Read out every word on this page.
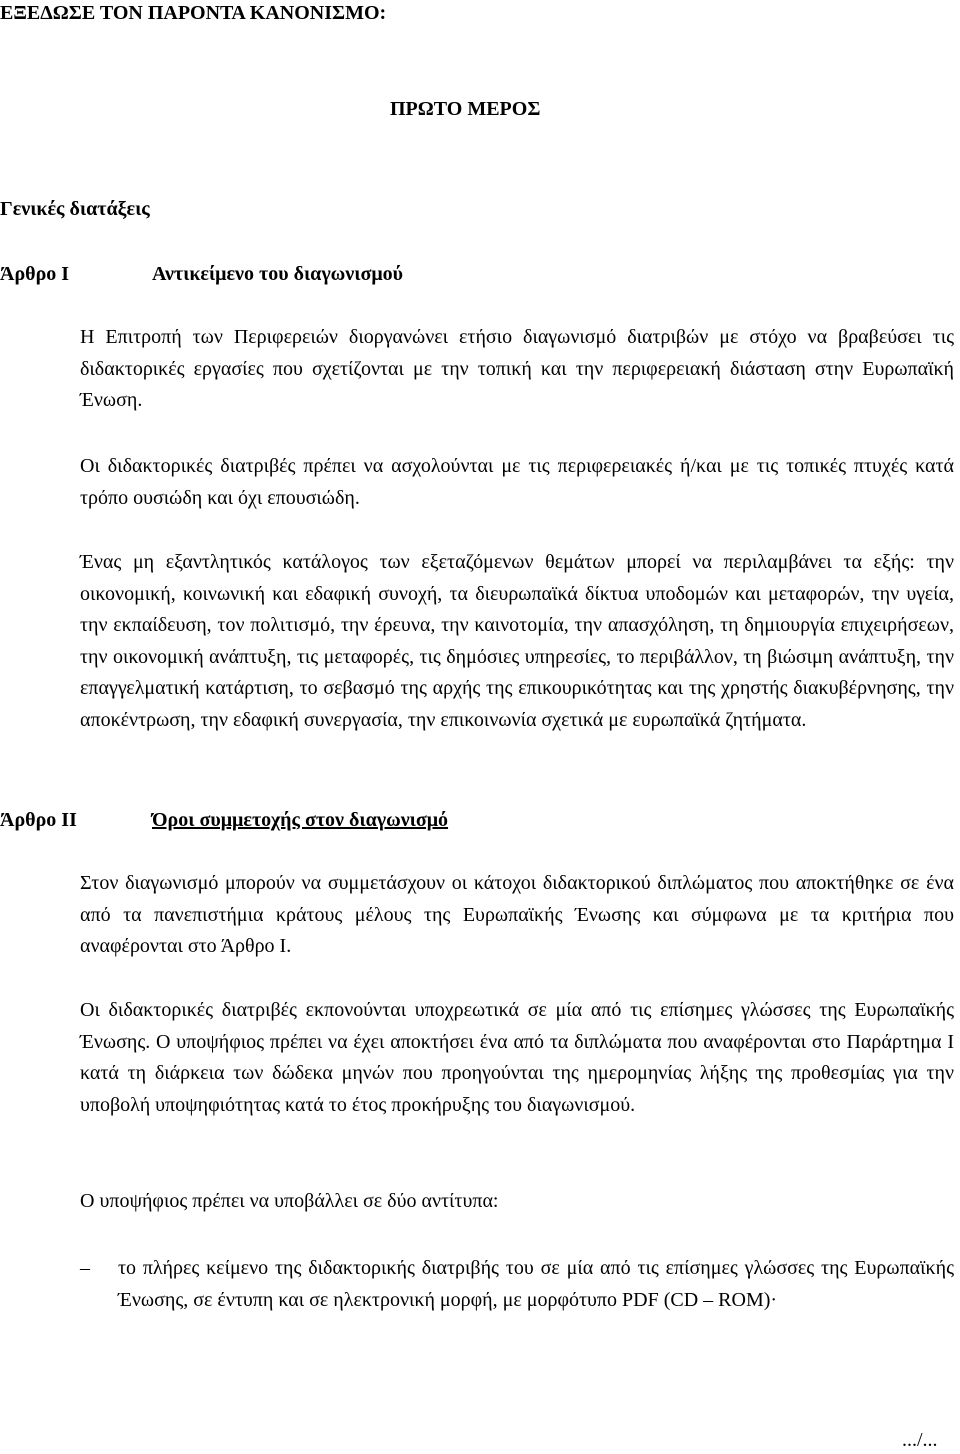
ΕΞΕΔΩΣΕ ΤΟΝ ΠΑΡΟΝΤΑ ΚΑΝΟΝΙΣΜΟ:

ΠΡΩΤΟ ΜΕΡΟΣ

Γενικές διατάξεις

Άρθρο Ι	Αντικείμενο του διαγωνισμού

Η Επιτροπή των Περιφερειών διοργανώνει ετήσιο διαγωνισμό διατριβών με στόχο να βραβεύσει τις διδακτορικές εργασίες που σχετίζονται με την τοπική και την περιφερειακή διάσταση στην Ευρωπαϊκή Ένωση.

Οι διδακτορικές διατριβές πρέπει να ασχολούνται με τις περιφερειακές ή/και με τις τοπικές πτυχές κατά τρόπο ουσιώδη και όχι επουσιώδη.

Ένας μη εξαντλητικός κατάλογος των εξεταζόμενων θεμάτων μπορεί να περιλαμβάνει τα εξής: την οικονομική, κοινωνική και εδαφική συνοχή, τα διευρωπαϊκά δίκτυα υποδομών και μεταφορών, την υγεία, την εκπαίδευση, τον πολιτισμό, την έρευνα, την καινοτομία, την απασχόληση, τη δημιουργία επιχειρήσεων, την οικονομική ανάπτυξη, τις μεταφορές, τις δημόσιες υπηρεσίες, το περιβάλλον, τη βιώσιμη ανάπτυξη, την επαγγελματική κατάρτιση, το σεβασμό της αρχής της επικουρικότητας και της χρηστής διακυβέρνησης, την αποκέντρωση, την εδαφική συνεργασία, την επικοινωνία σχετικά με ευρωπαϊκά ζητήματα.

Άρθρο ΙΙ	Όροι συμμετοχής στον διαγωνισμό

Στον διαγωνισμό μπορούν να συμμετάσχουν οι κάτοχοι διδακτορικού διπλώματος που αποκτήθηκε σε ένα από τα πανεπιστήμια κράτους μέλους της Ευρωπαϊκής Ένωσης και σύμφωνα με τα κριτήρια που αναφέρονται στο Άρθρο Ι.

Οι διδακτορικές διατριβές εκπονούνται υποχρεωτικά σε μία από τις επίσημες γλώσσες της Ευρωπαϊκής Ένωσης. Ο υποψήφιος πρέπει να έχει αποκτήσει ένα από τα διπλώματα που αναφέρονται στο Παράρτημα Ι κατά τη διάρκεια των δώδεκα μηνών που προηγούνται της ημερομηνίας λήξης της προθεσμίας για την υποβολή υποψηφιότητας κατά το έτος προκήρυξης του διαγωνισμού.

Ο υποψήφιος πρέπει να υποβάλλει σε δύο αντίτυπα:

– το πλήρες κείμενο της διδακτορικής διατριβής του σε μία από τις επίσημες γλώσσες της Ευρωπαϊκής Ένωσης, σε έντυπη και σε ηλεκτρονική μορφή, με μορφότυπο PDF (CD – ROM)·

.../...
